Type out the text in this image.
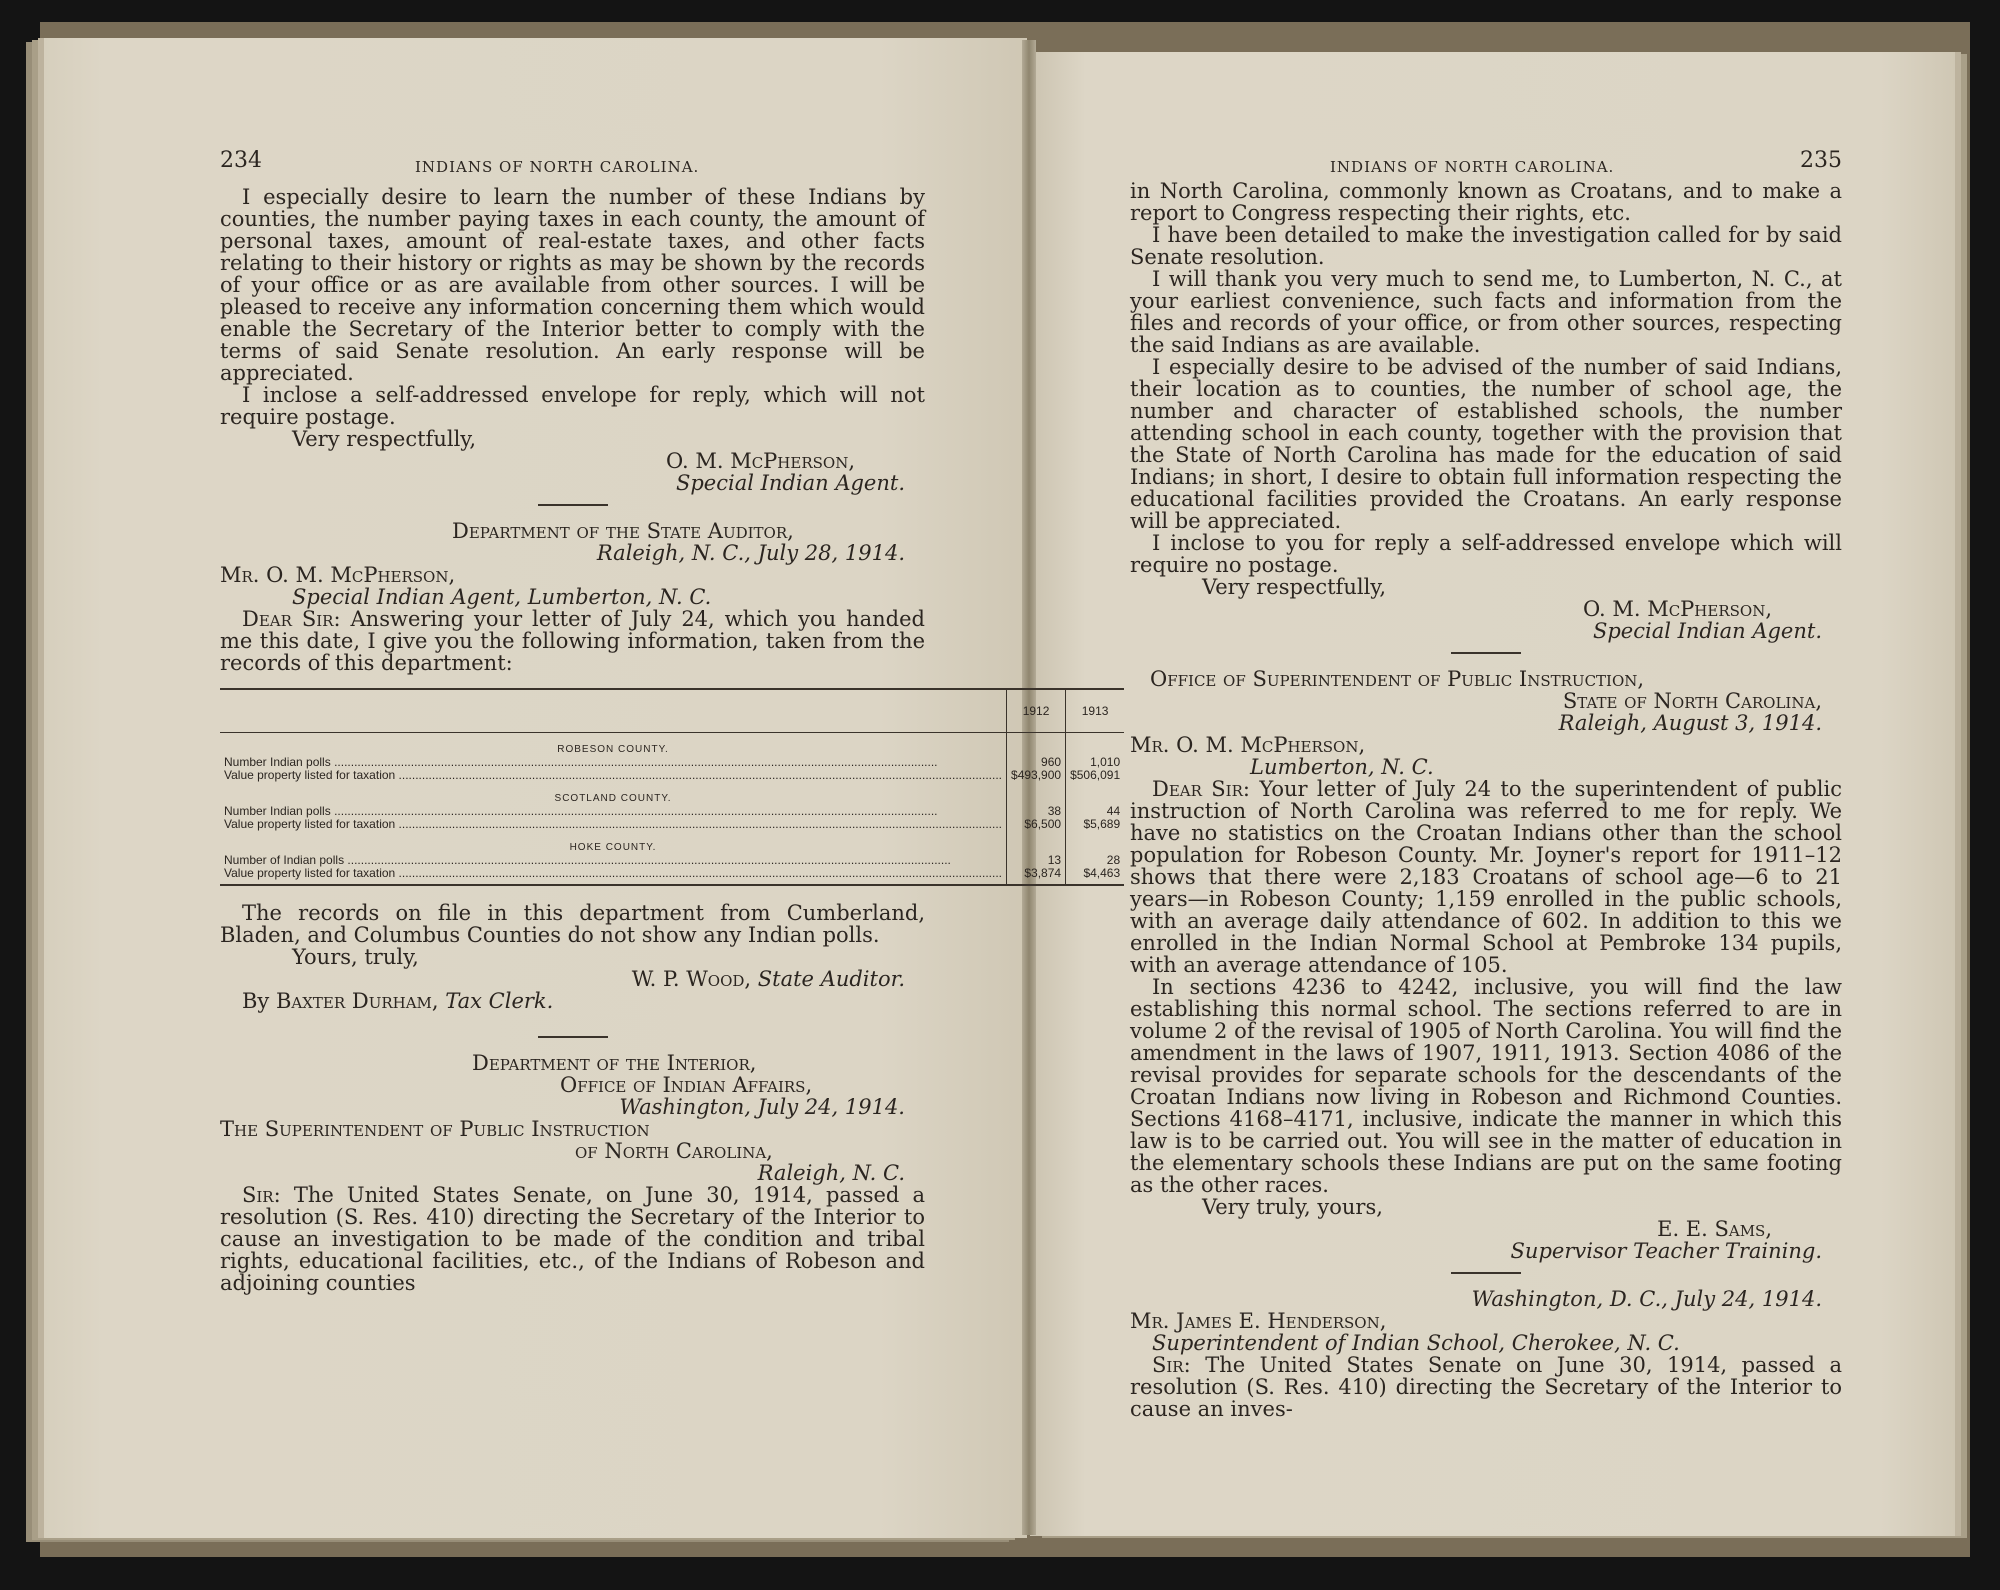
234	INDIANS OF NORTH CAROLINA.

I especially desire to learn the number of these Indians by counties, the number paying taxes in each county, the amount of personal taxes, amount of real-estate taxes, and other facts relating to their history or rights as may be shown by the records of your office or as are available from other sources. I will be pleased to receive any information concerning them which would enable the Secretary of the Interior better to comply with the terms of said Senate resolution. An early response will be appreciated.

I inclose a self-addressed envelope for reply, which will not require postage.

Very respectfully,

O. M. McPherson,

Special Indian Agent.

Department of the State Auditor,

Raleigh, N. C., July 28, 1914.

Mr. O. M. McPherson,

Special Indian Agent, Lumberton, N. C.

Dear Sir: Answering your letter of July 24, which you handed me this date, I give you the following information, taken from the records of this department:

	1912	1913
ROBESON COUNTY.		
Number Indian polls .....	960	1,010
Value property listed for taxation .....	$493,900	$506,091
SCOTLAND COUNTY.		
Number Indian polls .....	38	44
Value property listed for taxation .....	$6,500	$5,689
HOKE COUNTY.		
Number of Indian polls .....	13	28
Value property listed for taxation .....	$3,874	$4,463

The records on file in this department from Cumberland, Bladen, and Columbus Counties do not show any Indian polls.

Yours, truly,

W. P. Wood, State Auditor.

By Baxter Durham, Tax Clerk.

Department of the Interior,

Office of Indian Affairs,

Washington, July 24, 1914.

The Superintendent of Public Instruction

of North Carolina,

Raleigh, N. C.

Sir: The United States Senate, on June 30, 1914, passed a resolution (S. Res. 410) directing the Secretary of the Interior to cause an investigation to be made of the condition and tribal rights, educational facilities, etc., of the Indians of Robeson and adjoining counties

INDIANS OF NORTH CAROLINA.	235

in North Carolina, commonly known as Croatans, and to make a report to Congress respecting their rights, etc.

I have been detailed to make the investigation called for by said Senate resolution.

I will thank you very much to send me, to Lumberton, N. C., at your earliest convenience, such facts and information from the files and records of your office, or from other sources, respecting the said Indians as are available.

I especially desire to be advised of the number of said Indians, their location as to counties, the number of school age, the number and character of established schools, the number attending school in each county, together with the provision that the State of North Carolina has made for the education of said Indians; in short, I desire to obtain full information respecting the educational facilities provided the Croatans. An early response will be appreciated.

I inclose to you for reply a self-addressed envelope which will require no postage.

Very respectfully,

O. M. McPherson,

Special Indian Agent.

Office of Superintendent of Public Instruction,

State of North Carolina,

Raleigh, August 3, 1914.

Mr. O. M. McPherson,

Lumberton, N. C.

Dear Sir: Your letter of July 24 to the superintendent of public instruction of North Carolina was referred to me for reply. We have no statistics on the Croatan Indians other than the school population for Robeson County. Mr. Joyner's report for 1911–12 shows that there were 2,183 Croatans of school age—6 to 21 years—in Robeson County; 1,159 enrolled in the public schools, with an average daily attendance of 602. In addition to this we enrolled in the Indian Normal School at Pembroke 134 pupils, with an average attendance of 105.

In sections 4236 to 4242, inclusive, you will find the law establishing this normal school. The sections referred to are in volume 2 of the revisal of 1905 of North Carolina. You will find the amendment in the laws of 1907, 1911, 1913. Section 4086 of the revisal provides for separate schools for the descendants of the Croatan Indians now living in Robeson and Richmond Counties. Sections 4168–4171, inclusive, indicate the manner in which this law is to be carried out. You will see in the matter of education in the elementary schools these Indians are put on the same footing as the other races.

Very truly, yours,

E. E. Sams,

Supervisor Teacher Training.

Washington, D. C., July 24, 1914.

Mr. James E. Henderson,

Superintendent of Indian School, Cherokee, N. C.

Sir: The United States Senate on June 30, 1914, passed a resolution (S. Res. 410) directing the Secretary of the Interior to cause an inves-
